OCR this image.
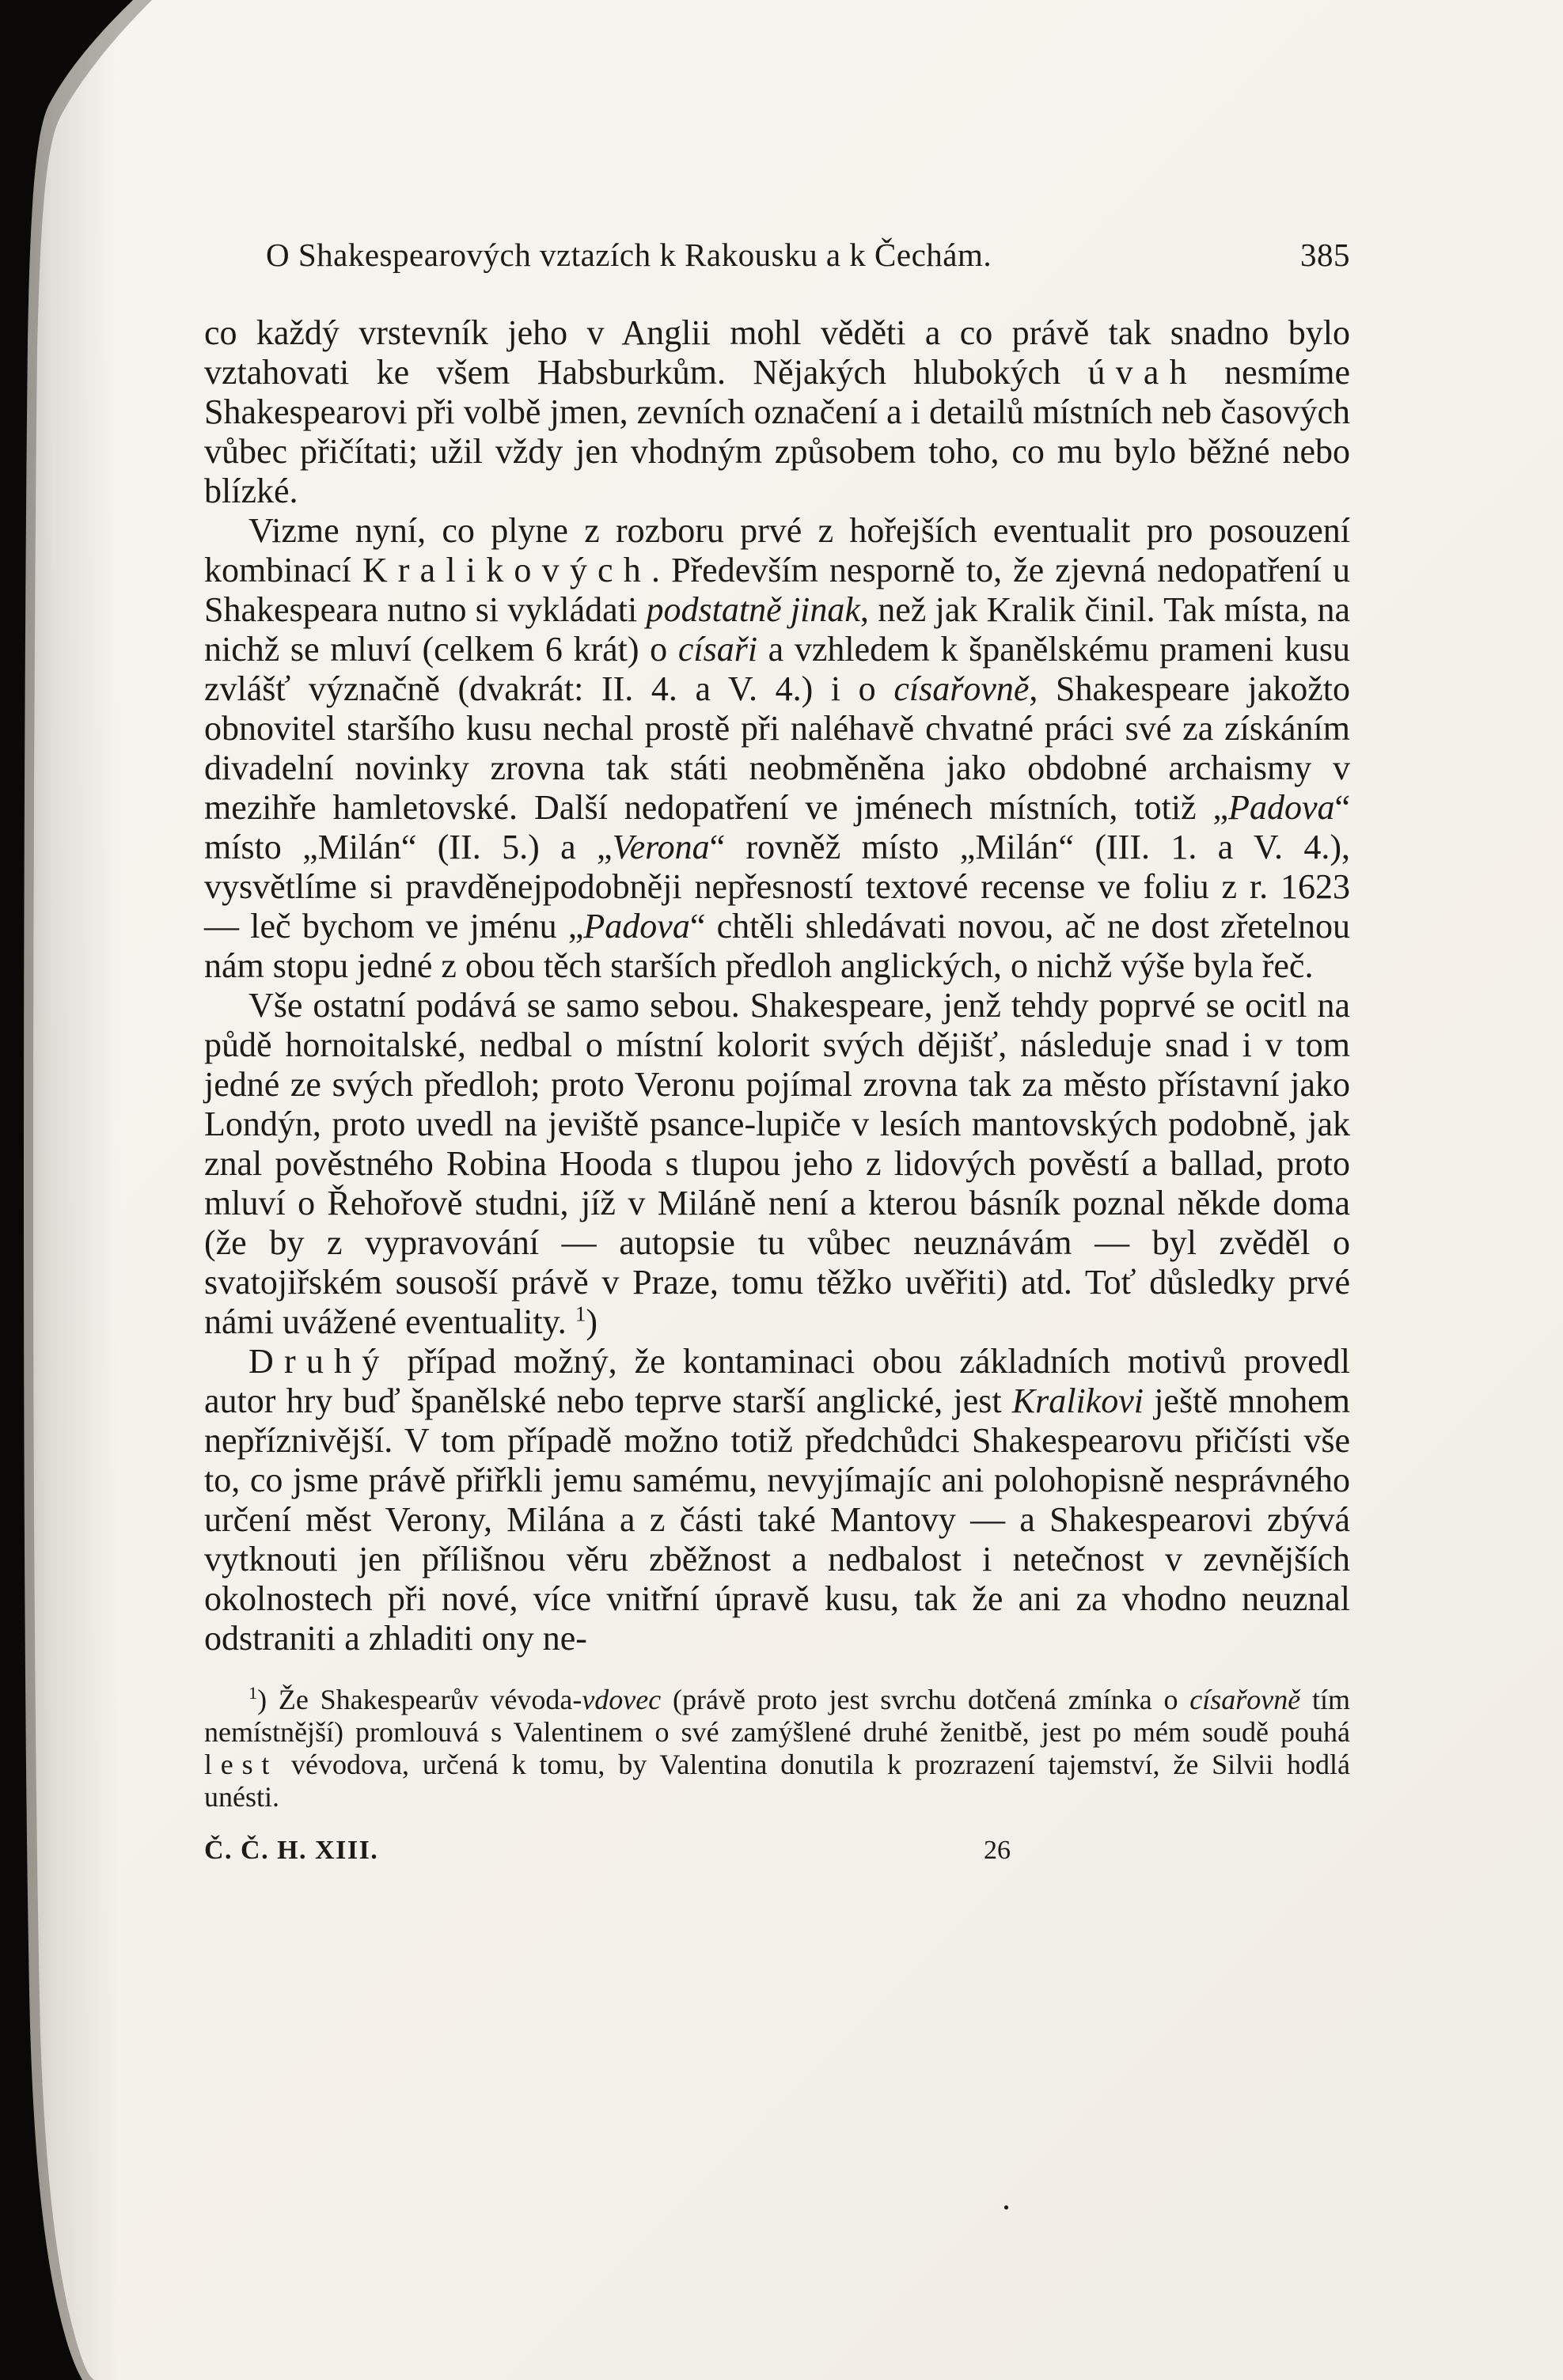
O Shakespearových vztazích k Rakousku a k Čechám.	385

co každý vrstevník jeho v Anglii mohl věděti a co právě tak snadno bylo vztahovati ke všem Habsburkům. Nějakých hlubokých úvah nesmíme Shakespearovi při volbě jmen, zevních označení a i detailů místních neb časových vůbec přičítati; užil vždy jen vhodným způsobem toho, co mu bylo běžné nebo blízké.

Vizme nyní, co plyne z rozboru prvé z hořejších eventualit pro posouzení kombinací Kralikových. Především nesporně to, že zjevná nedopatření u Shakespeara nutno si vykládati podstatně jinak, než jak Kralik činil. Tak místa, na nichž se mluví (celkem 6 krát) o císaři a vzhledem k španělskému prameni kusu zvlášť význačně (dvakrát: II. 4. a V. 4.) i o císařovně, Shakespeare jakožto obnovitel staršího kusu nechal prostě při naléhavě chvatné práci své za získáním divadelní novinky zrovna tak státi neobměněna jako obdobné archaismy v mezihře hamletovské. Další nedopatření ve jménech místních, totiž „Padova“ místo „Milán“ (II. 5.) a „Verona“ rovněž místo „Milán“ (III. 1. a V. 4.), vysvětlíme si pravděnejpodobněji nepřesností textové recense ve foliu z r. 1623 — leč bychom ve jménu „Padova“ chtěli shledávati novou, ač ne dost zřetelnou nám stopu jedné z obou těch starších předloh anglických, o nichž výše byla řeč.

Vše ostatní podává se samo sebou. Shakespeare, jenž tehdy poprvé se ocitl na půdě hornoitalské, nedbal o místní kolorit svých dějišť, následuje snad i v tom jedné ze svých předloh; proto Veronu pojímal zrovna tak za město přístavní jako Londýn, proto uvedl na jeviště psance-lupiče v lesích mantovských podobně, jak znal pověstného Robina Hooda s tlupou jeho z lidových pověstí a ballad, proto mluví o Řehořově studni, jíž v Miláně není a kterou básník poznal někde doma (že by z vypravování — autopsie tu vůbec neuznávám — byl zvěděl o svatojiřském sousoší právě v Praze, tomu těžko uvěřiti) atd. Toť důsledky prvé námi uvážené eventuality. $^1$)

Druhý případ možný, že kontaminaci obou základních motivů provedl autor hry buď španělské nebo teprve starší anglické, jest Kralikovi ještě mnohem nepříznivější. V tom případě možno totiž předchůdci Shakespearovu přičísti vše to, co jsme právě přiřkli jemu samému, nevyjímajíc ani polohopisně nesprávného určení měst Verony, Milána a z části také Mantovy — a Shakespearovi zbývá vytknouti jen přílišnou věru zběžnost a nedbalost i netečnost v zevnějších okolnostech při nové, více vnitřní úpravě kusu, tak že ani za vhodno neuznal odstraniti a zhladiti ony ne-

$^1$) Že Shakespearův vévoda-vdovec (právě proto jest svrchu dotčená zmínka o císařovně tím nemístnější) promlouvá s Valentinem o své zamýšlené druhé ženitbě, jest po mém soudě pouhá lest vévodova, určená k tomu, by Valentina donutila k prozrazení tajemství, že Silvii hodlá unésti.

Č. Č. H. XIII.	26
.
